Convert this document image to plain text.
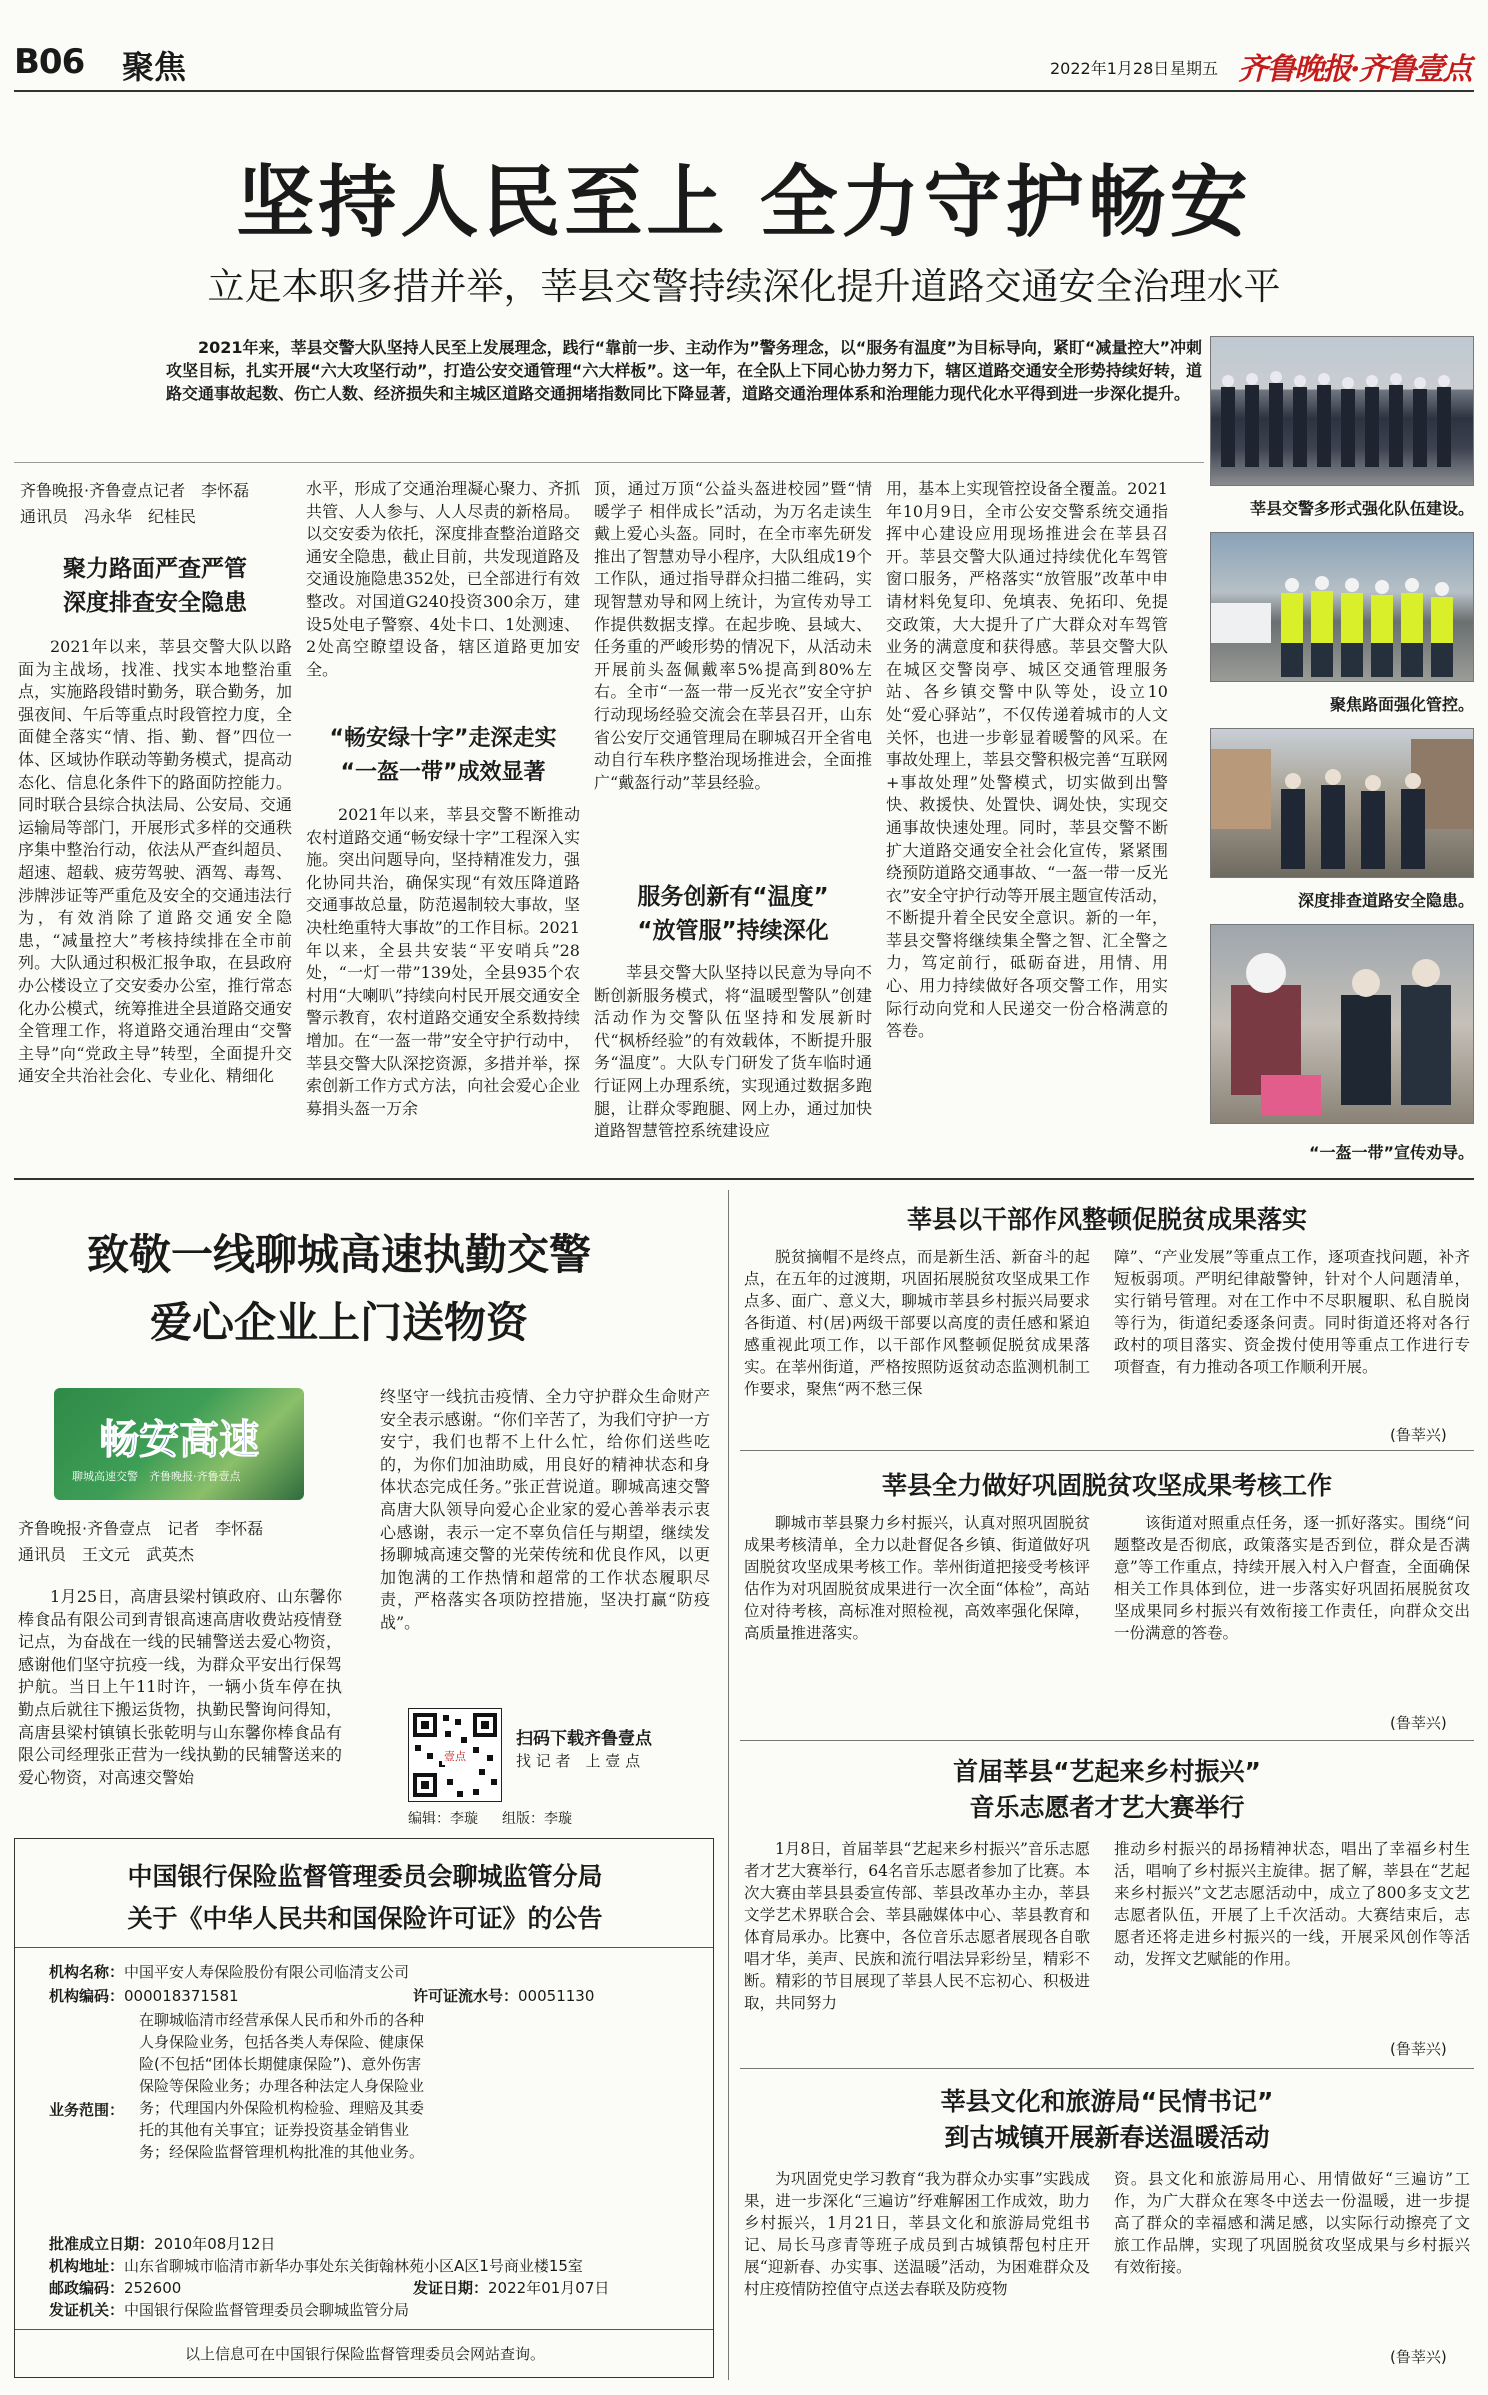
B06 聚焦	2022年1月28日 星期五 齐鲁晚报·齐鲁壹点
坚持人民至上 全力守护畅安
立足本职多措并举，莘县交警持续深化提升道路交通安全治理水平
2021年来，莘县交警大队坚持人民至上发展理念，践行“靠前一步、主动作为”警务理念，以“服务有温度”为目标导向，紧盯“减量控大”冲刺攻坚目标，扎实开展“六大攻坚行动”，打造公安交通管理“六大样板”。这一年，在全队上下同心协力努力下，辖区道路交通安全形势持续好转，道路交通事故起数、伤亡人数、经济损失和主城区道路交通拥堵指数同比下降显著，道路交通治理体系和治理能力现代化水平得到进一步深化提升。
齐鲁晚报·齐鲁壹点记者　李怀磊
通讯员　冯永华　纪桂民
聚力路面严查严管
深度排查安全隐患
2021年以来，莘县交警大队以路面为主战场，找准、找实本地整治重点，实施路段错时勤务，联合勤务，加强夜间、午后等重点时段管控力度，全面健全落实“情、指、勤、督”四位一体、区域协作联动等勤务模式，提高动态化、信息化条件下的路面防控能力。同时联合县综合执法局、公安局、交通运输局等部门，开展形式多样的交通秩序集中整治行动，依法从严查纠超员、超速、超载、疲劳驾驶、酒驾、毒驾、涉牌涉证等严重危及安全的交通违法行为，有效消除了道路交通安全隐患，“减量控大”考核持续排在全市前列。大队通过积极汇报争取，在县政府办公楼设立了交安委办公室，推行常态化办公模式，统筹推进全县道路交通安全管理工作，将道路交通治理由“交警主导”向“党政主导”转型，全面提升交通安全共治社会化、专业化、精细化
水平，形成了交通治理凝心聚力、齐抓共管、人人参与、人人尽责的新格局。以交安委为依托，深度排查整治道路交通安全隐患，截止目前，共发现道路及交通设施隐患352处，已全部进行有效整改。对国道G240投资300余万，建设5处电子警察、4处卡口、1处测速、2处高空瞭望设备，辖区道路更加安全。
“畅安绿十字”走深走实
“一盔一带”成效显著
2021年以来，莘县交警不断推动农村道路交通“畅安绿十字”工程深入实施。突出问题导向，坚持精准发力，强化协同共治，确保实现“有效压降道路交通事故总量，防范遏制较大事故，坚决杜绝重特大事故”的工作目标。2021年以来，全县共安装“平安哨兵”28处，“一灯一带”139处，全县935个农村用“大喇叭”持续向村民开展交通安全警示教育，农村道路交通安全系数持续增加。在“一盔一带”安全守护行动中，莘县交警大队深挖资源，多措并举，探索创新工作方式方法，向社会爱心企业募捐头盔一万余
顶，通过万顶“公益头盔进校园”暨“情暖学子 相伴成长”活动，为万名走读生戴上爱心头盔。同时，在全市率先研发推出了智慧劝导小程序，大队组成19个工作队，通过指导群众扫描二维码，实现智慧劝导和网上统计，为宣传劝导工作提供数据支撑。在起步晚、县域大、任务重的严峻形势的情况下，从活动未开展前头盔佩戴率5%提高到80%左右。全市“一盔一带一反光衣”安全守护行动现场经验交流会在莘县召开，山东省公安厅交通管理局在聊城召开全省电动自行车秩序整治现场推进会，全面推广“戴盔行动”莘县经验。
服务创新有“温度”
“放管服”持续深化
莘县交警大队坚持以民意为导向不断创新服务模式，将“温暖型警队”创建活动作为交警队伍坚持和发展新时代“枫桥经验”的有效载体，不断提升服务“温度”。大队专门研发了货车临时通行证网上办理系统，实现通过数据多跑腿，让群众零跑腿、网上办，通过加快道路智慧管控系统建设应
用，基本上实现管控设备全覆盖。2021年10月9日，全市公安交警系统交通指挥中心建设应用现场推进会在莘县召开。莘县交警大队通过持续优化车驾管窗口服务，严格落实“放管服”改革中申请材料免复印、免填表、免拓印、免提交政策，大大提升了广大群众对车驾管业务的满意度和获得感。莘县交警大队在城区交警岗亭、城区交通管理服务站、各乡镇交警中队等处，设立10处“爱心驿站”，不仅传递着城市的人文关怀，也进一步彰显着暖警的风采。在事故处理上，莘县交警积极完善“互联网+事故处理”处警模式，切实做到出警快、救援快、处置快、调处快，实现交通事故快速处理。同时，莘县交警不断扩大道路交通安全社会化宣传，紧紧围绕预防道路交通事故、“一盔一带一反光衣”安全守护行动等开展主题宣传活动，不断提升着全民安全意识。新的一年，莘县交警将继续集全警之智、汇全警之力，笃定前行，砥砺奋进，用情、用心、用力持续做好各项交警工作，用实际行动向党和人民递交一份合格满意的答卷。
莘县交警多形式强化队伍建设。
聚焦路面强化管控。
深度排查道路安全隐患。
“一盔一带”宣传劝导。
致敬一线聊城高速执勤交警
爱心企业上门送物资
畅安高速
聊城高速交警　 齐鲁晚报·齐鲁壹点
齐鲁晚报·齐鲁壹点　记者　李怀磊
通讯员　王文元　武英杰
1月25日，高唐县梁村镇政府、山东馨你棒食品有限公司到青银高速高唐收费站疫情登记点，为奋战在一线的民辅警送去爱心物资，感谢他们坚守抗疫一线，为群众平安出行保驾护航。当日上午11时许，一辆小货车停在执勤点后就往下搬运货物，执勤民警询问得知，高唐县梁村镇镇长张乾明与山东馨你棒食品有限公司经理张正营为一线执勤的民辅警送来的爱心物资，对高速交警始
终坚守一线抗击疫情、全力守护群众生命财产安全表示感谢。“你们辛苦了，为我们守护一方安宁，我们也帮不上什么忙，给你们送些吃的，为你们加油助威，用良好的精神状态和身体状态完成任务。”张正营说道。聊城高速交警高唐大队领导向爱心企业家的爱心善举表示衷心感谢，表示一定不辜负信任与期望，继续发扬聊城高速交警的光荣传统和优良作风，以更加饱满的工作热情和超常的工作状态履职尽责，严格落实各项防控措施，坚决打赢“防疫战”。
壹点
扫码下载齐鲁壹点
找 记 者　上 壹 点
编辑：李璇 组版：李璇
中国银行保险监督管理委员会聊城监管分局
关于《中华人民共和国保险许可证》的公告
机构名称：中国平安人寿保险股份有限公司临清支公司
机构编码：000018371581	许可证流水号：00051130
业务范围：
在聊城临清市经营承保人民币和外币的各种人身保险业务，包括各类人寿保险、健康保险(不包括“团体长期健康保险”)、意外伤害保险等保险业务；办理各种法定人身保险业务；代理国内外保险机构检验、理赔及其委托的其他有关事宜；证券投资基金销售业务；经保险监督管理机构批准的其他业务。
批准成立日期：2010年08月12日
机构地址：山东省聊城市临清市新华办事处东关街翰林苑小区A区1号商业楼15室
邮政编码：252600	发证日期：2022年01月07日
发证机关：中国银行保险监督管理委员会聊城监管分局
以上信息可在中国银行保险监督管理委员会网站查询。
莘县以干部作风整顿促脱贫成果落实
脱贫摘帽不是终点，而是新生活、新奋斗的起点，在五年的过渡期，巩固拓展脱贫攻坚成果工作点多、面广、意义大，聊城市莘县乡村振兴局要求各街道、村(居)两级干部要以高度的责任感和紧迫感重视此项工作，以干部作风整顿促脱贫成果落实。在莘州街道，严格按照防返贫动态监测机制工作要求，聚焦“两不愁三保
障”、“产业发展”等重点工作，逐项查找问题，补齐短板弱项。严明纪律敲警钟，针对个人问题清单，实行销号管理。对在工作中不尽职履职、私自脱岗等行为，街道纪委逐条问责。同时街道还将对各行政村的项目落实、资金拨付使用等重点工作进行专项督查，有力推动各项工作顺利开展。
(鲁莘兴)
莘县全力做好巩固脱贫攻坚成果考核工作
聊城市莘县聚力乡村振兴，认真对照巩固脱贫成果考核清单，全力以赴督促各乡镇、街道做好巩固脱贫攻坚成果考核工作。莘州街道把接受考核评估作为对巩固脱贫成果进行一次全面“体检”，高站位对待考核，高标准对照检视，高效率强化保障，高质量推进落实。
该街道对照重点任务，逐一抓好落实。围绕“问题整改是否彻底，政策落实是否到位，群众是否满意”等工作重点，持续开展入村入户督查，全面确保相关工作具体到位，进一步落实好巩固拓展脱贫攻坚成果同乡村振兴有效衔接工作责任，向群众交出一份满意的答卷。
(鲁莘兴)
首届莘县“艺起来乡村振兴”
音乐志愿者才艺大赛举行
1月8日，首届莘县“艺起来乡村振兴”音乐志愿者才艺大赛举行，64名音乐志愿者参加了比赛。本次大赛由莘县县委宣传部、莘县改革办主办，莘县文学艺术界联合会、莘县融媒体中心、莘县教育和体育局承办。比赛中，各位音乐志愿者展现各自歌唱才华，美声、民族和流行唱法异彩纷呈，精彩不断。精彩的节目展现了莘县人民不忘初心、积极进取，共同努力
推动乡村振兴的昂扬精神状态，唱出了幸福乡村生活，唱响了乡村振兴主旋律。据了解，莘县在“艺起来乡村振兴”文艺志愿活动中，成立了800多支文艺志愿者队伍，开展了上千次活动。大赛结束后，志愿者还将走进乡村振兴的一线，开展采风创作等活动，发挥文艺赋能的作用。
(鲁莘兴)
莘县文化和旅游局“民情书记”
到古城镇开展新春送温暖活动
为巩固党史学习教育“我为群众办实事”实践成果，进一步深化“三遍访”纾难解困工作成效，助力乡村振兴，1月21日，莘县文化和旅游局党组书记、局长马彦青等班子成员到古城镇帮包村庄开展“迎新春、办实事、送温暖”活动，为困难群众及村庄疫情防控值守点送去春联及防疫物
资。县文化和旅游局用心、用情做好“三遍访”工作，为广大群众在寒冬中送去一份温暖，进一步提高了群众的幸福感和满足感，以实际行动擦亮了文旅工作品牌，实现了巩固脱贫攻坚成果与乡村振兴有效衔接。
(鲁莘兴)
